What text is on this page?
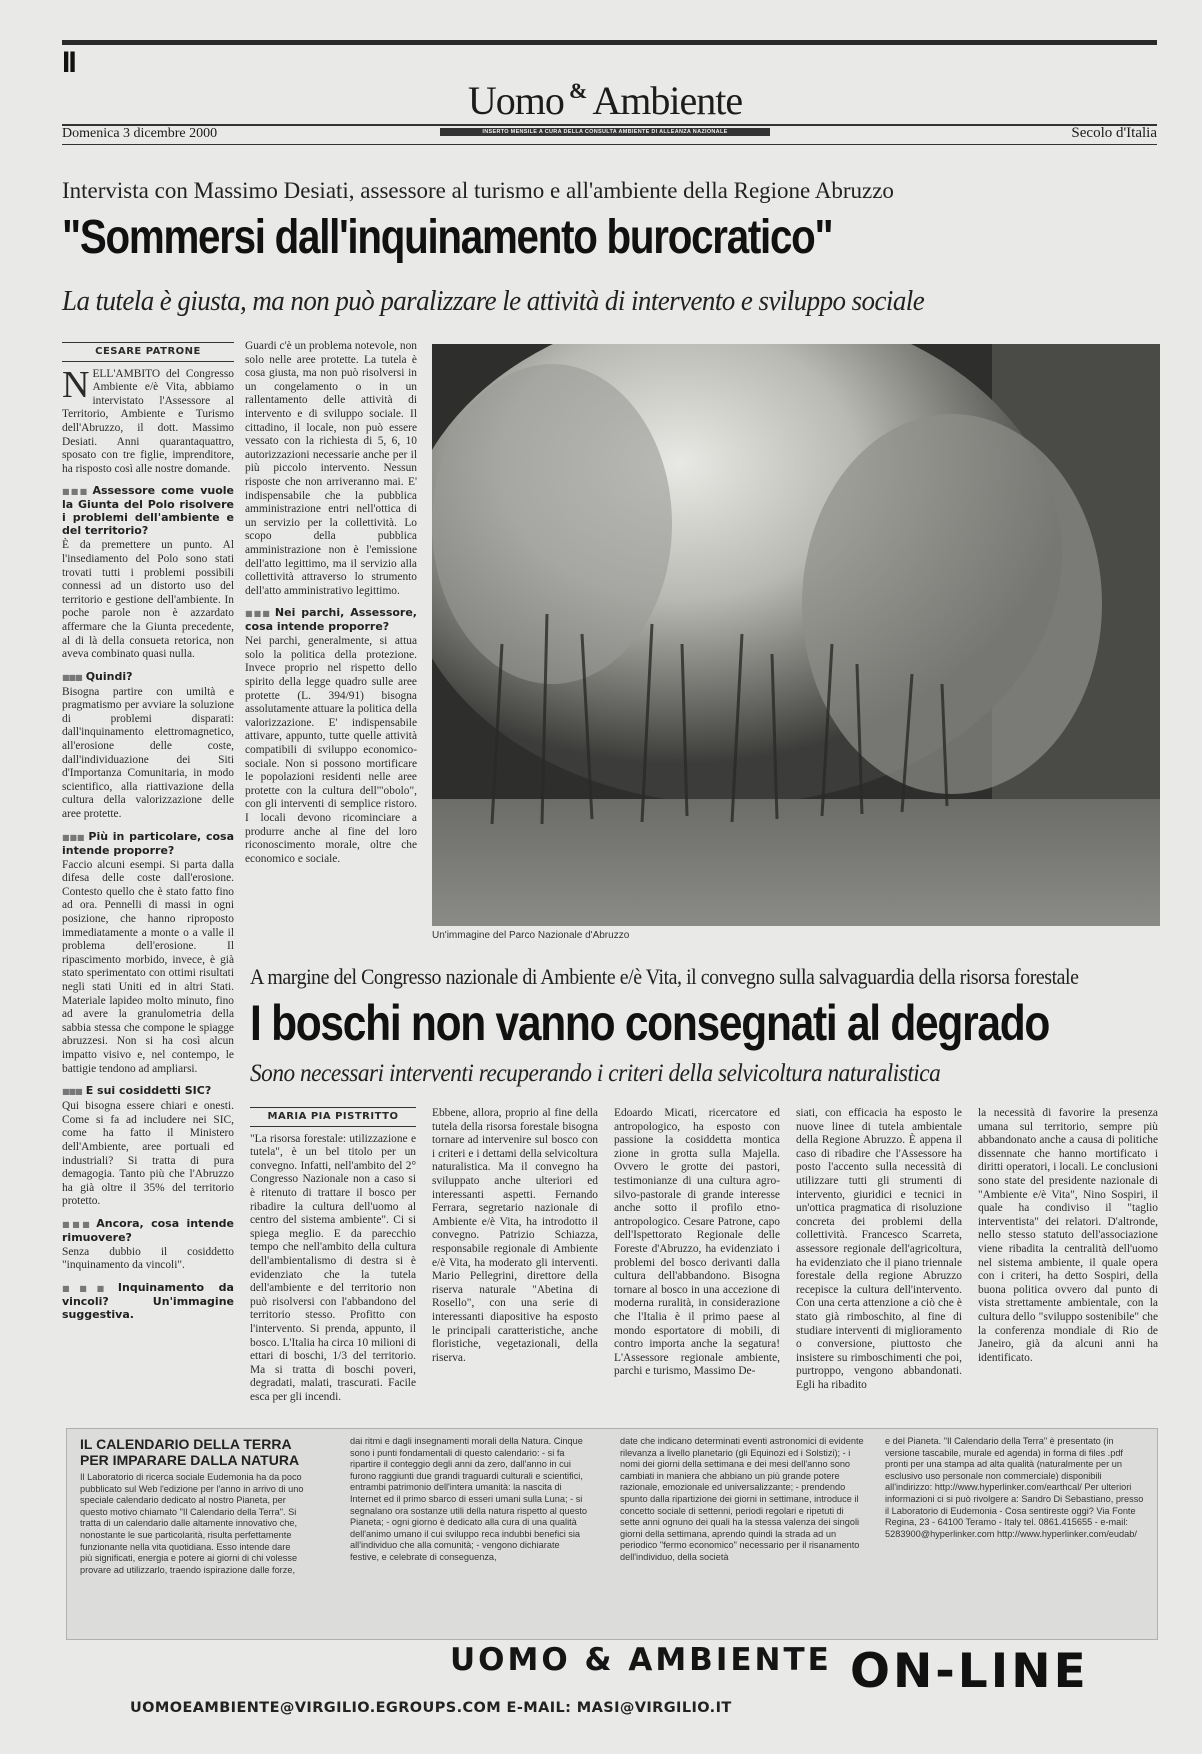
II
Uomo & Ambiente
Domenica 3 dicembre 2000	INSERTO MENSILE A CURA DELLA CONSULTA AMBIENTE DI ALLEANZA NAZIONALE	Secolo d'Italia
Intervista con Massimo Desiati, assessore al turismo e all'ambiente della Regione Abruzzo
"Sommersi dall'inquinamento burocratico"
La tutela è giusta, ma non può paralizzare le attività di intervento e sviluppo sociale
CESARE PATRONE

NELL'AMBITO del Congresso Ambiente e/è Vita, abbiamo intervistato l'Assessore al Territorio, Ambiente e Turismo dell'Abruzzo, il dott. Massimo Desiati. Anni quarantaquattro, sposato con tre figlie, imprenditore, ha risposto così alle nostre domande.

■■■ Assessore come vuole la Giunta del Polo risolvere i problemi dell'ambiente e del territorio?

È da premettere un punto. Al l'insediamento del Polo sono stati trovati tutti i problemi possibili connessi ad un distorto uso del territorio e gestione dell'ambiente. In poche parole non è azzardato affermare che la Giunta precedente, al di là della consueta retorica, non aveva combinato quasi nulla.

■■■ Quindi?

Bisogna partire con umiltà e pragmatismo per avviare la soluzione di problemi disparati: dall'inquinamento elettromagnetico, all'erosione delle coste, dall'individuazione dei Siti d'Importanza Comunitaria, in modo scientifico, alla riattivazione della cultura della valorizzazione delle aree protette.

■■■ Più in particolare, cosa intende proporre?

Faccio alcuni esempi. Si parta dalla difesa delle coste dall'erosione. Contesto quello che è stato fatto fino ad ora. Pennelli di massi in ogni posizione, che hanno riproposto immediatamente a monte o a valle il problema dell'erosione. Il ripascimento morbido, invece, è già stato sperimentato con ottimi risultati negli stati Uniti ed in altri Stati. Materiale lapideo molto minuto, fino ad avere la granulometria della sabbia stessa che compone le spiagge abruzzesi. Non si ha così alcun impatto visivo e, nel contempo, le battigie tendono ad ampliarsi.

■■■ E sui cosiddetti SIC?

Qui bisogna essere chiari e onesti. Come si fa ad includere nei SIC, come ha fatto il Ministero dell'Ambiente, aree portuali ed industriali? Si tratta di pura demagogia. Tanto più che l'Abruzzo ha già oltre il 35% del territorio protetto.

■■■ Ancora, cosa intende rimuovere?

Senza dubbio il cosiddetto "inquinamento da vincoli".

■■■ Inquinamento da vincoli? Un'immagine suggestiva.

Guardi c'è un problema notevole, non solo nelle aree protette. La tutela è cosa giusta, ma non può risolversi in un congelamento o in un rallentamento delle attività di intervento e di sviluppo sociale. Il cittadino, il locale, non può essere vessato con la richiesta di 5, 6, 10 autorizzazioni necessarie anche per il più piccolo intervento. Nessun risposte che non arriveranno mai. E' indispensabile che la pubblica amministrazione entri nell'ottica di un servizio per la collettività. Lo scopo della pubblica amministrazione non è l'emissione dell'atto legittimo, ma il servizio alla collettività attraverso lo strumento dell'atto amministrativo legittimo.

■■■ Nei parchi, Assessore, cosa intende proporre?

Nei parchi, generalmente, si attua solo la politica della protezione. Invece proprio nel rispetto dello spirito della legge quadro sulle aree protette (L. 394/91) bisogna assolutamente attuare la politica della valorizzazione. E' indispensabile attivare, appunto, tutte quelle attività compatibili di sviluppo economico-sociale. Non si possono mortificare le popolazioni residenti nelle aree protette con la cultura dell'"obolo", con gli interventi di semplice ristoro. I locali devono ricominciare a produrre anche al fine del loro riconoscimento morale, oltre che economico e sociale.

Un'immagine del Parco Nazionale d'Abruzzo
A margine del Congresso nazionale di Ambiente e/è Vita, il convegno sulla salvaguardia della risorsa forestale
I boschi non vanno consegnati al degrado
Sono necessari interventi recuperando i criteri della selvicoltura naturalistica
MARIA PIA PISTRITTO

"La risorsa forestale: utilizzazione e tutela", è un bel titolo per un convegno. Infatti, nell'ambito del 2° Congresso Nazionale non a caso si è ritenuto di trattare il bosco per ribadire la cultura dell'uomo al centro del sistema ambiente". Ci si spiega meglio. E da parecchio tempo che nell'ambito della cultura dell'ambientalismo di destra si è evidenziato che la tutela dell'ambiente e del territorio non può risolversi con l'abbandono del territorio stesso. Profitto con l'intervento. Si prenda, appunto, il bosco. L'Italia ha circa 10 milioni di ettari di boschi, 1/3 del territorio. Ma si tratta di boschi poveri, degradati, malati, trascurati. Facile esca per gli incendi.

Ebbene, allora, proprio al fine della tutela della risorsa forestale bisogna tornare ad intervenire sul bosco con i criteri e i dettami della selvicoltura naturalistica. Ma il convegno ha sviluppato anche ulteriori ed interessanti aspetti. Fernando Ferrara, segretario nazionale di Ambiente e/è Vita, ha introdotto il convegno. Patrizio Schiazza, responsabile regionale di Ambiente e/è Vita, ha moderato gli interventi. Mario Pellegrini, direttore della riserva naturale "Abetina di Rosello", con una serie di interessanti diapositive ha esposto le principali caratteristiche, anche floristiche, vegetazionali, della riserva.

Edoardo Micati, ricercatore ed antropologico, ha esposto con passione la cosiddetta montica zione in grotta sulla Majella. Ovvero le grotte dei pastori, testimonianze di una cultura agro-silvo-pastorale di grande interesse anche sotto il profilo etno-antropologico. Cesare Patrone, capo dell'Ispettorato Regionale delle Foreste d'Abruzzo, ha evidenziato i problemi del bosco derivanti dalla cultura dell'abbandono. Bisogna tornare al bosco in una accezione di moderna ruralità, in considerazione che l'Italia è il primo paese al mondo esportatore di mobili, di contro importa anche la segatura! L'Assessore regionale ambiente, parchi e turismo, Massimo De-

siati, con efficacia ha esposto le nuove linee di tutela ambientale della Regione Abruzzo. È appena il caso di ribadire che l'Assessore ha posto l'accento sulla necessità di utilizzare tutti gli strumenti di intervento, giuridici e tecnici in un'ottica pragmatica di risoluzione concreta dei problemi della collettività. Francesco Scarreta, assessore regionale dell'agricoltura, ha evidenziato che il piano triennale forestale della regione Abruzzo recepisce la cultura dell'intervento. Con una certa attenzione a ciò che è stato già rimboschito, al fine di studiare interventi di miglioramento o conversione, piuttosto che insistere su rimboschimenti che poi, purtroppo, vengono abbandonati. Egli ha ribadito

la necessità di favorire la presenza umana sul territorio, sempre più abbandonato anche a causa di politiche dissennate che hanno mortificato i diritti operatori, i locali. Le conclusioni sono state del presidente nazionale di "Ambiente e/è Vita", Nino Sospiri, il quale ha condiviso il "taglio interventista" dei relatori. D'altronde, nello stesso statuto dell'associazione viene ribadita la centralità dell'uomo nel sistema ambiente, il quale opera con i criteri, ha detto Sospiri, della buona politica ovvero dal punto di vista strettamente ambientale, con la cultura dello "sviluppo sostenibile" che la conferenza mondiale di Rio de Janeiro, già da alcuni anni ha identificato.

IL CALENDARIO DELLA TERRA
PER IMPARARE DALLA NATURA

Il Laboratorio di ricerca sociale Eudemonia ha da poco pubblicato sul Web l'edizione per l'anno in arrivo di uno speciale calendario dedicato al nostro Pianeta, per questo motivo chiamato "Il Calendario della Terra". Si tratta di un calendario dalle altamente innovativo che, nonostante le sue particolarità, risulta perfettamente funzionante nella vita quotidiana. Esso intende dare più significati, energia e potere ai giorni di chi volesse provare ad utilizzarlo, traendo ispirazione dalle forze,

dai ritmi e dagli insegnamenti morali della Natura. Cinque sono i punti fondamentali di questo calendario: - si fa ripartire il conteggio degli anni da zero, dall'anno in cui furono raggiunti due grandi traguardi culturali e scientifici, entrambi patrimonio dell'intera umanità: la nascita di Internet ed il primo sbarco di esseri umani sulla Luna; - si segnalano ora sostanze utili della natura rispetto al questo Pianeta; - ogni giorno è dedicato alla cura di una qualità dell'animo umano il cui sviluppo reca indubbi benefici sia all'individuo che alla comunità; - vengono dichiarate festive, e celebrate di conseguenza,

date che indicano determinati eventi astronomici di evidente rilevanza a livello planetario (gli Equinozi ed i Solstizi); - i nomi dei giorni della settimana e dei mesi dell'anno sono cambiati in maniera che abbiano un più grande potere razionale, emozionale ed universalizzante; - prendendo spunto dalla ripartizione dei giorni in settimane, introduce il concetto sociale di settenni, periodi regolari e ripetuti di sette anni ognuno dei quali ha la stessa valenza dei singoli giorni della settimana, aprendo quindi la strada ad un periodico "fermo economico" necessario per il risanamento dell'individuo, della società

e del Pianeta. "Il Calendario della Terra" è presentato (in versione tascabile, murale ed agenda) in forma di files .pdf pronti per una stampa ad alta qualità (naturalmente per un esclusivo uso personale non commerciale) disponibili all'indirizzo: http://www.hyperlinker.com/earthcal/ Per ulteriori informazioni ci si può rivolgere a: Sandro Di Sebastiano, presso il Laboratorio di Eudemonia - Cosa sentireste oggi? Via Fonte Regina, 23 - 64100 Teramo - Italy tel. 0861.415655 - e-mail: 5283900@hyperlinker.com http://www.hyperlinker.com/eudab/

UOMO & AMBIENTE ON-LINE
UOMOEAMBIENTE@VIRGILIO.EGROUPS.COM E-MAIL: MASI@VIRGILIO.IT
